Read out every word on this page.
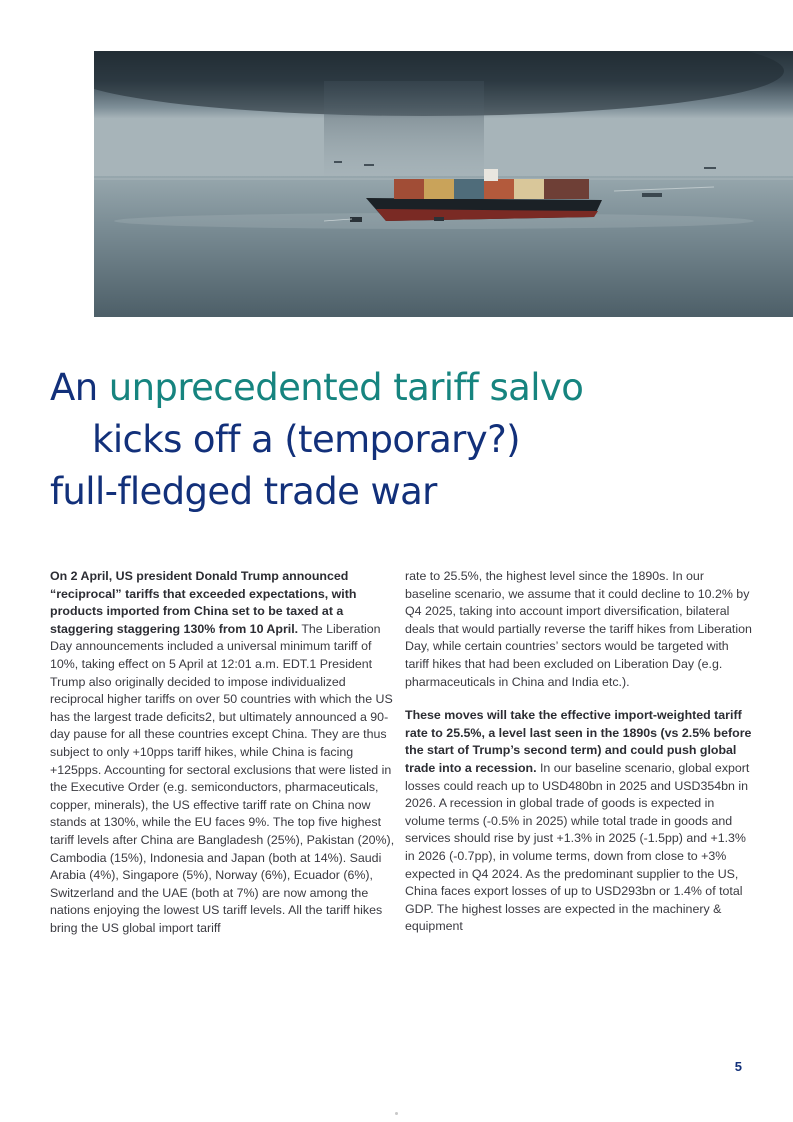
An unprecedented tariff salvo
kicks off a (temporary?)
full-fledged trade war

On 2 April, US president Donald Trump announced “reciprocal” tariffs that exceeded expectations, with products imported from China set to be taxed at a staggering staggering 130% from 10 April. The Liberation Day announcements included a universal minimum tariff of 10%, taking effect on 5 April at 12:01 a.m. EDT.1 President Trump also originally decided to impose individualized reciprocal higher tariffs on over 50 countries with which the US has the largest trade deficits2, but ultimately announced a 90-day pause for all these countries except China. They are thus subject to only +10pps tariff hikes, while China is facing +125pps. Accounting for sectoral exclusions that were listed in the Executive Order (e.g. semiconductors, pharmaceuticals, copper, minerals), the US effective tariff rate on China now stands at 130%, while the EU faces 9%. The top five highest tariff levels after China are Bangladesh (25%), Pakistan (20%), Cambodia (15%), Indonesia and Japan (both at 14%). Saudi Arabia (4%), Singapore (5%), Norway (6%), Ecuador (6%), Switzerland and the UAE (both at 7%) are now among the nations enjoying the lowest US tariff levels. All the tariff hikes bring the US global import tariff

rate to 25.5%, the highest level since the 1890s. In our baseline scenario, we assume that it could decline to 10.2% by Q4 2025, taking into account import diversification, bilateral deals that would partially reverse the tariff hikes from Liberation Day, while certain countries’ sectors would be targeted with tariff hikes that had been excluded on Liberation Day (e.g. pharmaceuticals in China and India etc.).

These moves will take the effective import-weighted tariff rate to 25.5%, a level last seen in the 1890s (vs 2.5% before the start of Trump’s second term) and could push global trade into a recession. In our baseline scenario, global export losses could reach up to USD480bn in 2025 and USD354bn in 2026. A recession in global trade of goods is expected in volume terms (-0.5% in 2025) while total trade in goods and services should rise by just +1.3% in 2025 (-1.5pp) and +1.3% in 2026 (-0.7pp), in volume terms, down from close to +3% expected in Q4 2024. As the predominant supplier to the US, China faces export losses of up to USD293bn or 1.4% of total GDP. The highest losses are expected in the machinery & equipment

5
